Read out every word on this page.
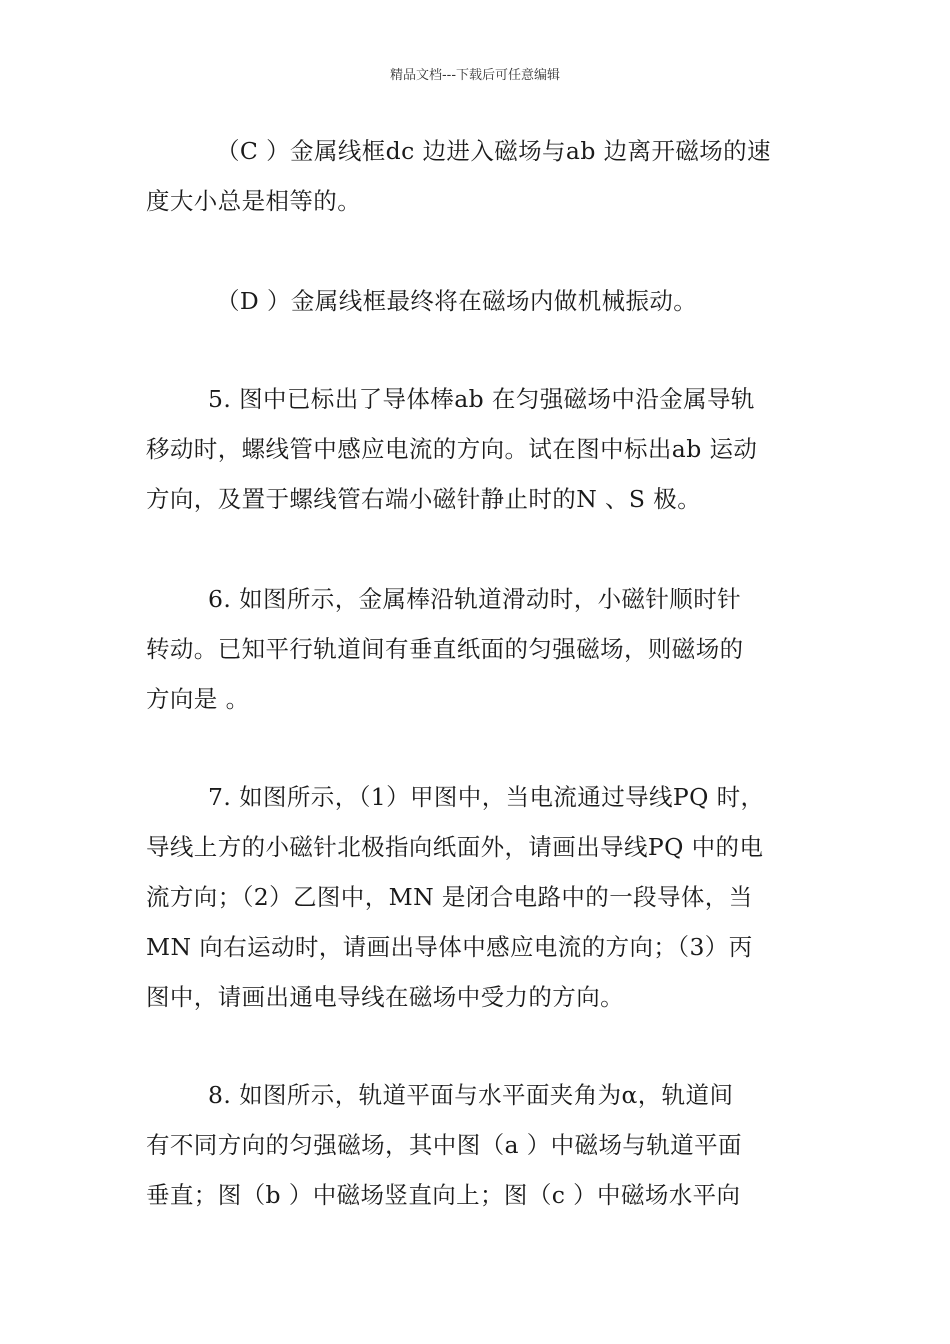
精品文档---下载后可任意编辑
（C ）金属线框dc 边进入磁场与ab 边离开磁场的速
度大小总是相等的。
（D ）金属线框最终将在磁场内做机械振动。
5. 图中已标出了导体棒ab 在匀强磁场中沿金属导轨
移动时，螺线管中感应电流的方向。试在图中标出ab 运动
方向，及置于螺线管右端小磁针静止时的N 、S 极。
6. 如图所示，金属棒沿轨道滑动时，小磁针顺时针
转动。已知平行轨道间有垂直纸面的匀强磁场，则磁场的
方向是 。
7. 如图所示，（1）甲图中，当电流通过导线PQ 时，
导线上方的小磁针北极指向纸面外，请画出导线PQ 中的电
流方向；（2）乙图中，MN 是闭合电路中的一段导体，当
MN 向右运动时，请画出导体中感应电流的方向；（3）丙
图中，请画出通电导线在磁场中受力的方向。
8. 如图所示，轨道平面与水平面夹角为α，轨道间
有不同方向的匀强磁场，其中图（a ）中磁场与轨道平面
垂直；图（b ）中磁场竖直向上；图（c ）中磁场水平向
